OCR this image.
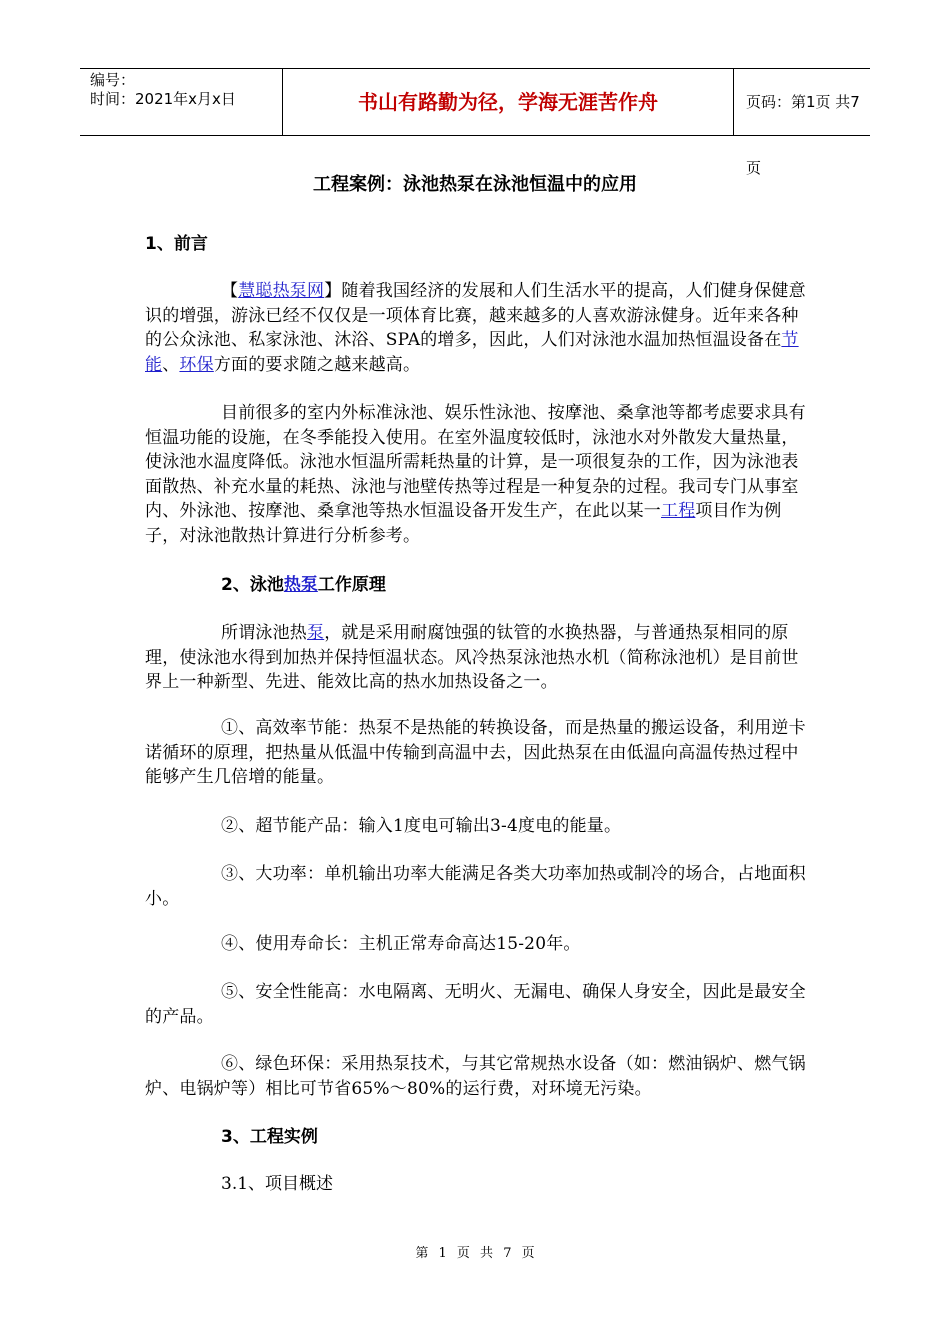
编号：
时间：2021年x月x日	书山有路勤为径，学海无涯苦作舟	页码：第1页 共7页
工程案例：泳池热泵在泳池恒温中的应用
1、前言
【慧聪热泵网】随着我国经济的发展和人们生活水平的提高，人们健身保健意识的增强，游泳已经不仅仅是一项体育比赛，越来越多的人喜欢游泳健身。近年来各种的公众泳池、私家泳池、沐浴、SPA的增多，因此，人们对泳池水温加热恒温设备在节能、环保方面的要求随之越来越高。
目前很多的室内外标准泳池、娱乐性泳池、按摩池、桑拿池等都考虑要求具有恒温功能的设施，在冬季能投入使用。在室外温度较低时，泳池水对外散发大量热量，使泳池水温度降低。泳池水恒温所需耗热量的计算，是一项很复杂的工作，因为泳池表面散热、补充水量的耗热、泳池与池壁传热等过程是一种复杂的过程。我司专门从事室内、外泳池、按摩池、桑拿池等热水恒温设备开发生产，在此以某一工程项目作为例子，对泳池散热计算进行分析参考。
2、泳池热泵工作原理
所谓泳池热泵，就是采用耐腐蚀强的钛管的水换热器，与普通热泵相同的原理，使泳池水得到加热并保持恒温状态。风冷热泵泳池热水机（简称泳池机）是目前世界上一种新型、先进、能效比高的热水加热设备之一。
①、高效率节能：热泵不是热能的转换设备，而是热量的搬运设备，利用逆卡诺循环的原理，把热量从低温中传输到高温中去，因此热泵在由低温向高温传热过程中能够产生几倍增的能量。
②、超节能产品：输入1度电可输出3-4度电的能量。
③、大功率：单机输出功率大能满足各类大功率加热或制冷的场合，占地面积小。
④、使用寿命长：主机正常寿命高达15-20年。
⑤、安全性能高：水电隔离、无明火、无漏电、确保人身安全，因此是最安全的产品。
⑥、绿色环保：采用热泵技术，与其它常规热水设备（如：燃油锅炉、燃气锅炉、电锅炉等）相比可节省65%～80%的运行费，对环境无污染。
3、工程实例
3.1、项目概述
第 1 页 共 7 页
